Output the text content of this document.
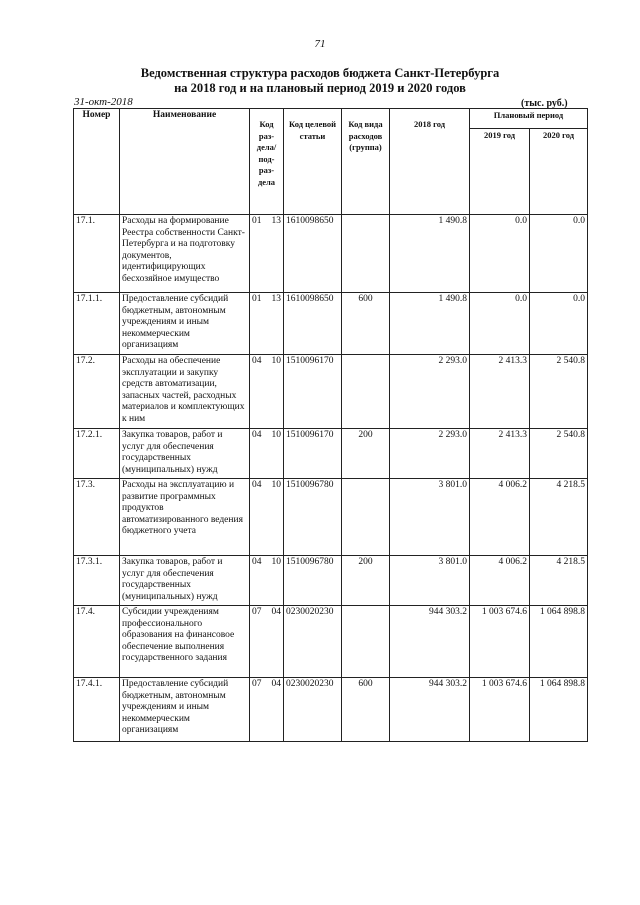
71
Ведомственная структура расходов бюджета Санкт-Петербурга
на 2018 год и на плановый период 2019 и 2020 годов
31-окт-2018	(тыс. руб.)
Номер	Наименование	Код раз-дела/ под-раз-дела	Код целевой статьи	Код вида расходов (группа)	2018 год	Плановый период	
						2019 год	2020 год
17.1.	Расходы на формирование Реестра собственности Санкт-Петербурга и на подготовку документов, идентифицирующих бесхозяйное имущество	01 13	1610098650		1 490.8	0.0	0.0
17.1.1.	Предоставление субсидий бюджетным, автономным учреждениям и иным некоммерческим организациям	01 13	1610098650	600	1 490.8	0.0	0.0
17.2.	Расходы на обеспечение эксплуатации и закупку средств автоматизации, запасных частей, расходных материалов и комплектующих к ним	04 10	1510096170		2 293.0	2 413.3	2 540.8
17.2.1.	Закупка товаров, работ и услуг для обеспечения государственных (муниципальных) нужд	04 10	1510096170	200	2 293.0	2 413.3	2 540.8
17.3.	Расходы на эксплуатацию и развитие программных продуктов автоматизированного ведения бюджетного учета	04 10	1510096780		3 801.0	4 006.2	4 218.5
17.3.1.	Закупка товаров, работ и услуг для обеспечения государственных (муниципальных) нужд	04 10	1510096780	200	3 801.0	4 006.2	4 218.5
17.4.	Субсидии учреждениям профессионального образования на финансовое обеспечение выполнения государственного задания	07 04	0230020230		944 303.2	1 003 674.6	1 064 898.8
17.4.1.	Предоставление субсидий бюджетным, автономным учреждениям и иным некоммерческим организациям	07 04	0230020230	600	944 303.2	1 003 674.6	1 064 898.8
